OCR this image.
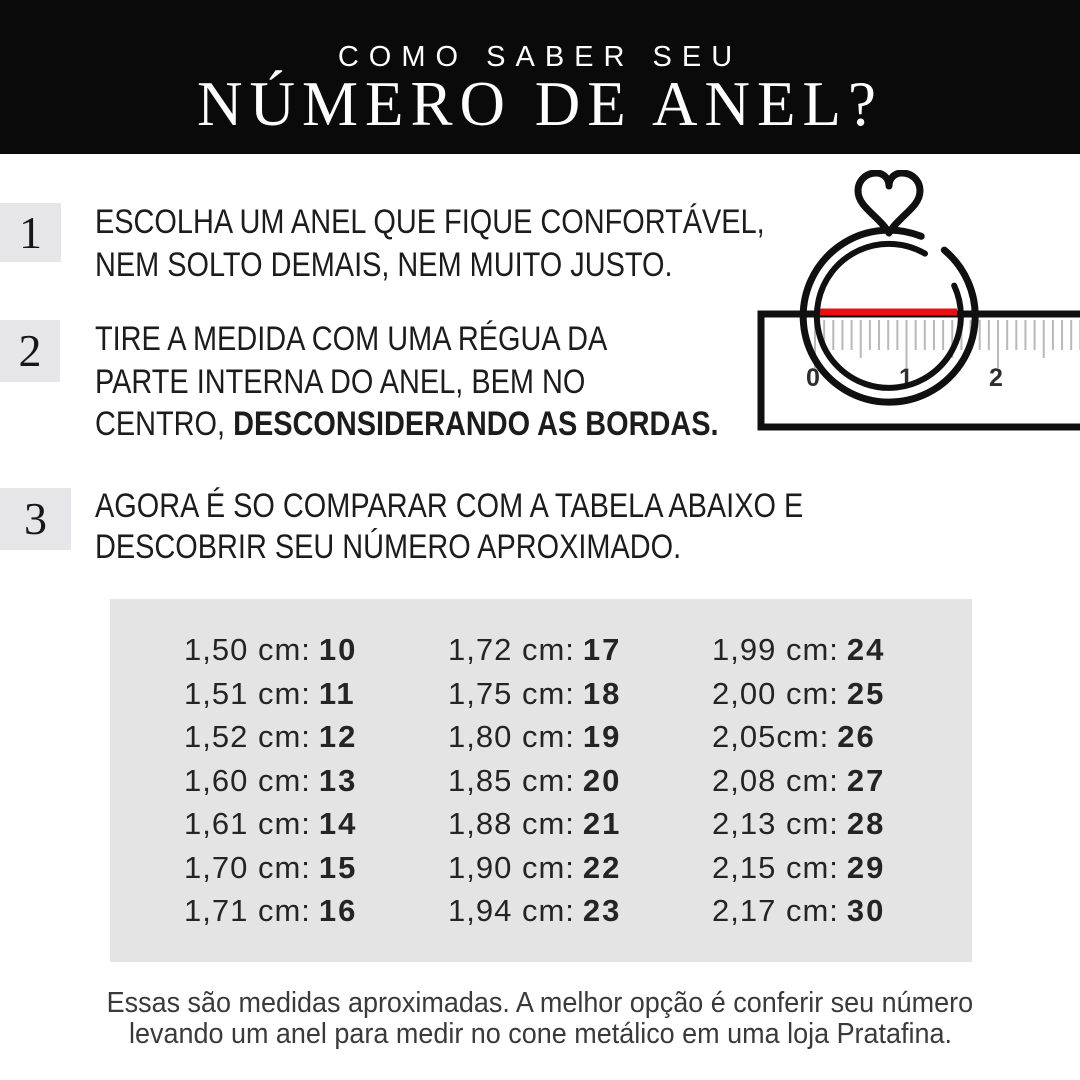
COMO SABER SEU
NÚMERO DE ANEL?
1
2
3
ESCOLHA UM ANEL QUE FIQUE CONFORTÁVEL,
NEM SOLTO DEMAIS, NEM MUITO JUSTO.
TIRE A MEDIDA COM UMA RÉGUA DA
PARTE INTERNA DO ANEL, BEM NO
CENTRO, DESCONSIDERANDO AS BORDAS.
AGORA É SO COMPARAR COM A TABELA ABAIXO E
DESCOBRIR SEU NÚMERO APROXIMADO.
0	1	2
1,50 cm: 10
1,51 cm: 11
1,52 cm: 12
1,60 cm: 13
1,61 cm: 14
1,70 cm: 15
1,71 cm: 16
1,72 cm: 17
1,75 cm: 18
1,80 cm: 19
1,85 cm: 20
1,88 cm: 21
1,90 cm: 22
1,94 cm: 23
1,99 cm: 24
2,00 cm: 25
2,05cm: 26
2,08 cm: 27
2,13 cm: 28
2,15 cm: 29
2,17 cm: 30
Essas são medidas aproximadas. A melhor opção é conferir seu número
levando um anel para medir no cone metálico em uma loja Pratafina.
